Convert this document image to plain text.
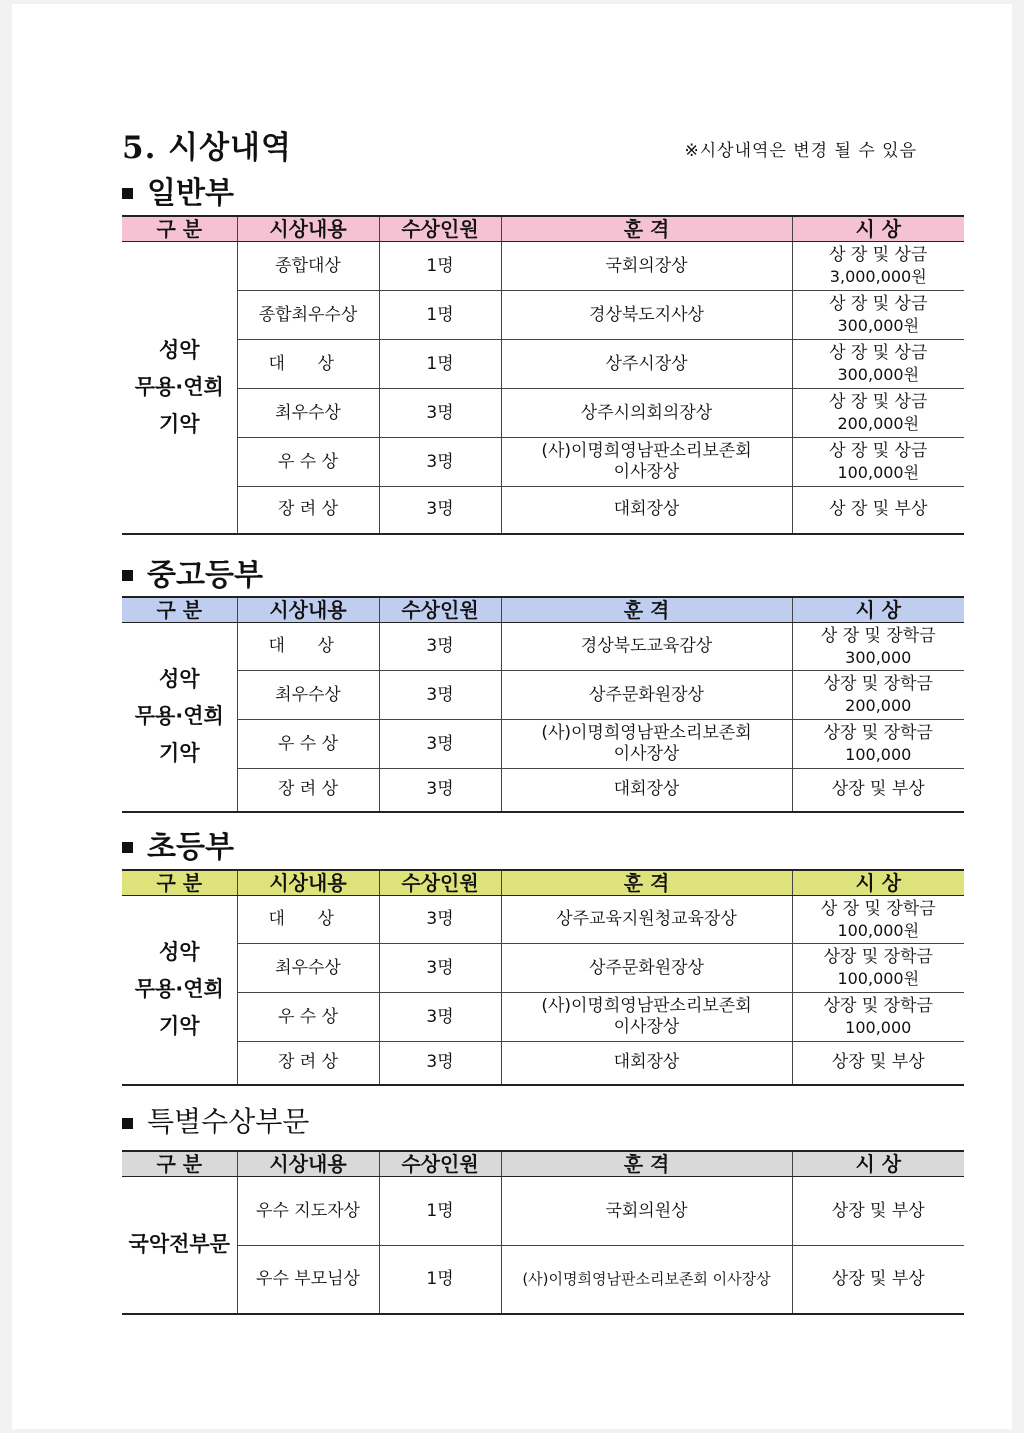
5. 시상내역	※시상내역은 변경 될 수 있음
일반부
구 분	시상내용	수상인원	훈 격	시 상

성악
무용·연희
기악	종합대상	1명	국회의장상	상 장 및 상금
3,000,000원

	종합최우수상	1명	경상북도지사상	상 장 및 상금
300,000원

	대 상	1명	상주시장상	상 장 및 상금
300,000원

	최우수상	3명	상주시의회의장상	상 장 및 상금
200,000원

	우 수 상	3명	(사)이명희영남판소리보존회
이사장상	상 장 및 상금
100,000원

	장 려 상	3명	대회장상	상 장 및 부상
중고등부
구 분	시상내용	수상인원	훈 격	시 상

성악
무용·연희
기악	대 상	3명	경상북도교육감상	상 장 및 장학금
300,000

	최우수상	3명	상주문화원장상	상장 및 장학금
200,000

	우 수 상	3명	(사)이명희영남판소리보존회
이사장상	상장 및 장학금
100,000

	장 려 상	3명	대회장상	상장 및 부상
초등부
구 분	시상내용	수상인원	훈 격	시 상

성악
무용·연희
기악	대 상	3명	상주교육지원청교육장상	상 장 및 장학금
100,000원

	최우수상	3명	상주문화원장상	상장 및 장학금
100,000원

	우 수 상	3명	(사)이명희영남판소리보존회
이사장상	상장 및 장학금
100,000

	장 려 상	3명	대회장상	상장 및 부상
특별수상부문
구 분	시상내용	수상인원	훈 격	시 상

국악전부문	우수 지도자상	1명	국회의원상	상장 및 부상
	우수 부모님상	1명	(사)이명희영남판소리보존회 이사장상	상장 및 부상
